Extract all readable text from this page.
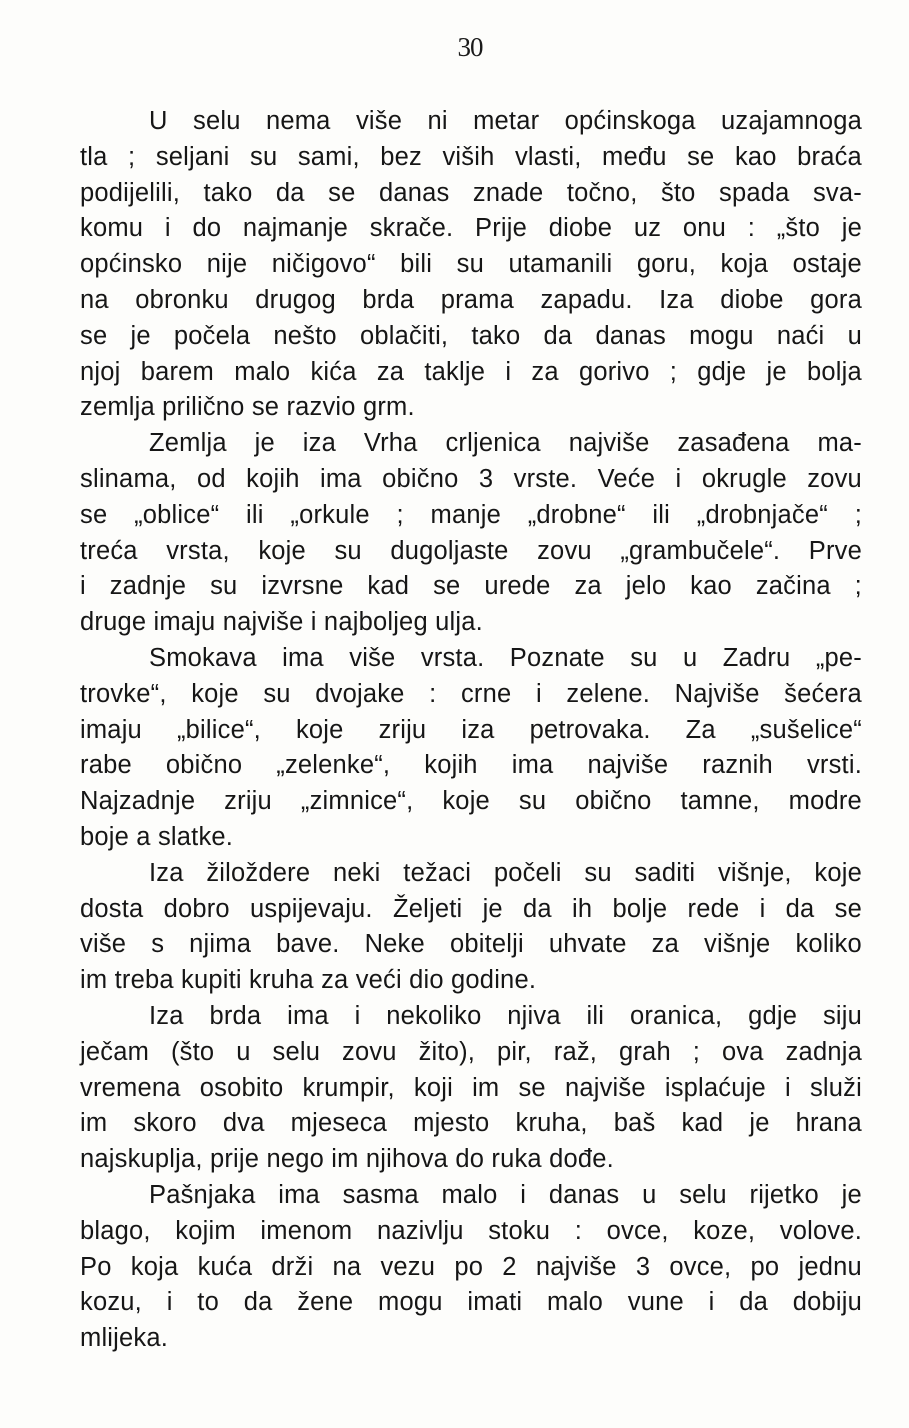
30
U selu nema više ni metar općinskoga uzajamnoga
tla ; seljani su sami, bez viših vlasti, među se kao braća
podijelili, tako da se danas znade točno, što spada sva-
komu i do najmanje skrače. Prije diobe uz onu : „što je
općinsko nije ničigovo“ bili su utamanili goru, koja ostaje
na obronku drugog brda prama zapadu. Iza diobe gora
se je počela nešto oblačiti, tako da danas mogu naći u
njoj barem malo kića za taklje i za gorivo ; gdje je bolja
zemlja prilično se razvio grm.
Zemlja je iza Vrha crljenica najviše zasađena ma-
slinama, od kojih ima obično 3 vrste. Veće i okrugle zovu
se „oblice“ ili „orkule ; manje „drobne“ ili „drobnjače“ ;
treća vrsta, koje su dugoljaste zovu „grambučele“. Prve
i zadnje su izvrsne kad se urede za jelo kao začina ;
druge imaju najviše i najboljeg ulja.
Smokava ima više vrsta. Poznate su u Zadru „pe-
trovke“, koje su dvojake : crne i zelene. Najviše šećera
imaju „bilice“, koje zriju iza petrovaka. Za „sušelice“
rabe obično „zelenke“, kojih ima najviše raznih vrsti.
Najzadnje zriju „zimnice“, koje su obično tamne, modre
boje a slatke.
Iza žiloždere neki težaci počeli su saditi višnje, koje
dosta dobro uspijevaju. Željeti je da ih bolje rede i da se
više s njima bave. Neke obitelji uhvate za višnje koliko
im treba kupiti kruha za veći dio godine.
Iza brda ima i nekoliko njiva ili oranica, gdje siju
ječam (što u selu zovu žito), pir, raž, grah ; ova zadnja
vremena osobito krumpir, koji im se najviše isplaćuje i služi
im skoro dva mjeseca mjesto kruha, baš kad je hrana
najskuplja, prije nego im njihova do ruka dođe.
Pašnjaka ima sasma malo i danas u selu rijetko je
blago, kojim imenom nazivlju stoku : ovce, koze, volove.
Po koja kuća drži na vezu po 2 najviše 3 ovce, po jednu
kozu, i to da žene mogu imati malo vune i da dobiju
mlijeka.
